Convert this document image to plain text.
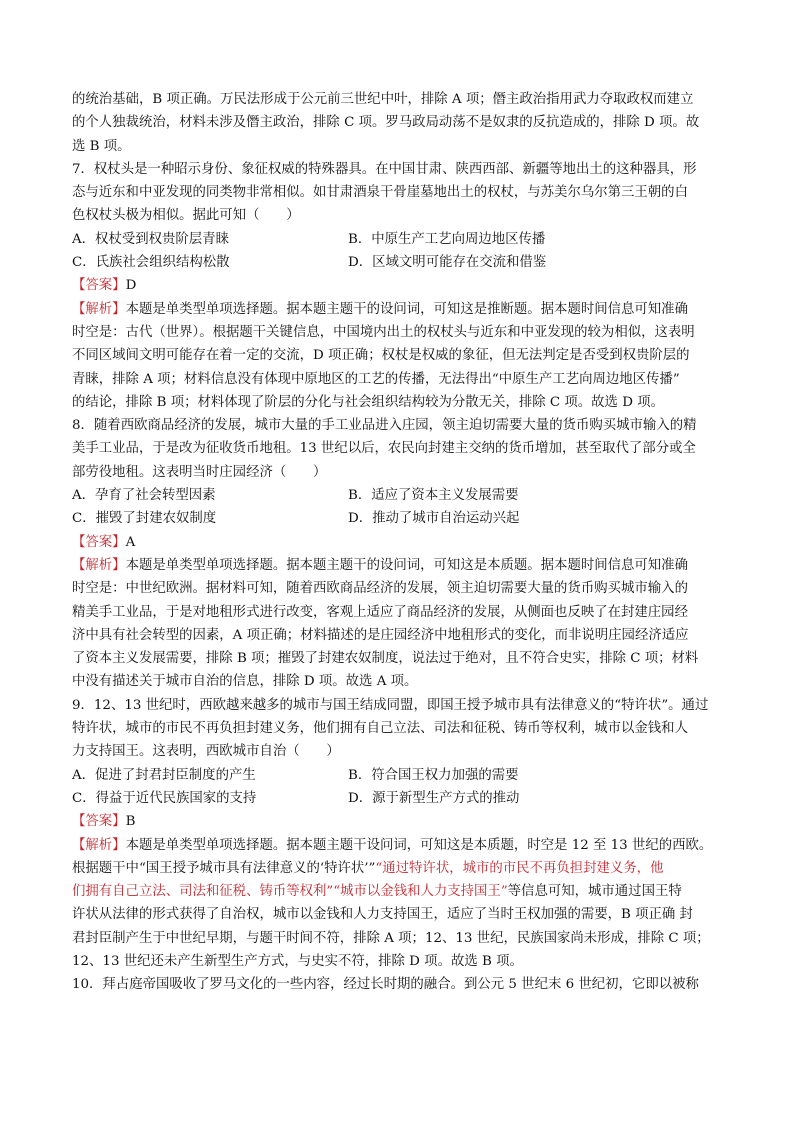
的统治基础，B 项正确。万民法形成于公元前三世纪中叶，排除 A 项；僭主政治指用武力夺取政权而建立
的个人独裁统治，材料未涉及僭主政治，排除 C 项。罗马政局动荡不是奴隶的反抗造成的，排除 D 项。故
选 B 项。
7．权杖头是一种昭示身份、象征权威的特殊器具。在中国甘肃、陕西西部、新疆等地出土的这种器具，形
态与近东和中亚发现的同类物非常相似。如甘肃酒泉干骨崖墓地出土的权杖，与苏美尔乌尔第三王朝的白
色权杖头极为相似。据此可知（　　）
A．权杖受到权贵阶层青睐	B．中原生产工艺向周边地区传播
C．氏族社会组织结构松散	D．区域文明可能存在交流和借鉴
【答案】D
【解析】本题是单类型单项选择题。据本题主题干的设问词，可知这是推断题。据本题时间信息可知准确
时空是：古代（世界）。根据题干关键信息，中国境内出土的权杖头与近东和中亚发现的较为相似，这表明
不同区域间文明可能存在着一定的交流，D 项正确；权杖是权威的象征，但无法判定是否受到权贵阶层的
青睐，排除 A 项；材料信息没有体现中原地区的工艺的传播，无法得出“中原生产工艺向周边地区传播”
的结论，排除 B 项；材料体现了阶层的分化与社会组织结构较为分散无关，排除 C 项。故选 D 项。
8．随着西欧商品经济的发展，城市大量的手工业品进入庄园，领主迫切需要大量的货币购买城市输入的精
美手工业品，于是改为征收货币地租。13 世纪以后，农民向封建主交纳的货币增加，甚至取代了部分或全
部劳役地租。这表明当时庄园经济（　　）
A．孕育了社会转型因素	B．适应了资本主义发展需要
C．摧毁了封建农奴制度	D．推动了城市自治运动兴起
【答案】A
【解析】本题是单类型单项选择题。据本题主题干的设问词，可知这是本质题。据本题时间信息可知准确
时空是：中世纪欧洲。据材料可知，随着西欧商品经济的发展，领主迫切需要大量的货币购买城市输入的
精美手工业品，于是对地租形式进行改变，客观上适应了商品经济的发展，从侧面也反映了在封建庄园经
济中具有社会转型的因素，A 项正确；材料描述的是庄园经济中地租形式的变化，而非说明庄园经济适应
了资本主义发展需要，排除 B 项；摧毁了封建农奴制度，说法过于绝对，且不符合史实，排除 C 项；材料
中没有描述关于城市自治的信息，排除 D 项。故选 A 项。
9．12、13 世纪时，西欧越来越多的城市与国王结成同盟，即国王授予城市具有法律意义的“特许状”。通过
特许状，城市的市民不再负担封建义务，他们拥有自己立法、司法和征税、铸币等权利，城市以金钱和人
力支持国王。这表明，西欧城市自治（　　）
A．促进了封君封臣制度的产生	B．符合国王权力加强的需要
C．得益于近代民族国家的支持	D．源于新型生产方式的推动
【答案】B
【解析】本题是单类型单项选择题。据本题主题干设问词，可知这是本质题，时空是 12 至 13 世纪的西欧。
根据题干中“国王授予城市具有法律意义的‘特许状’”“通过特许状，城市的市民不再负担封建义务，他
们拥有自己立法、司法和征税、铸币等权利”“城市以金钱和人力支持国王”等信息可知，城市通过国王特
许状从法律的形式获得了自治权，城市以金钱和人力支持国王，适应了当时王权加强的需要，B 项正确 封
君封臣制产生于中世纪早期，与题干时间不符，排除 A 项；12、13 世纪，民族国家尚未形成，排除 C 项；
12、13 世纪还未产生新型生产方式，与史实不符，排除 D 项。故选 B 项。
10．拜占庭帝国吸收了罗马文化的一些内容，经过长时期的融合。到公元 5 世纪末 6 世纪初，它即以被称
